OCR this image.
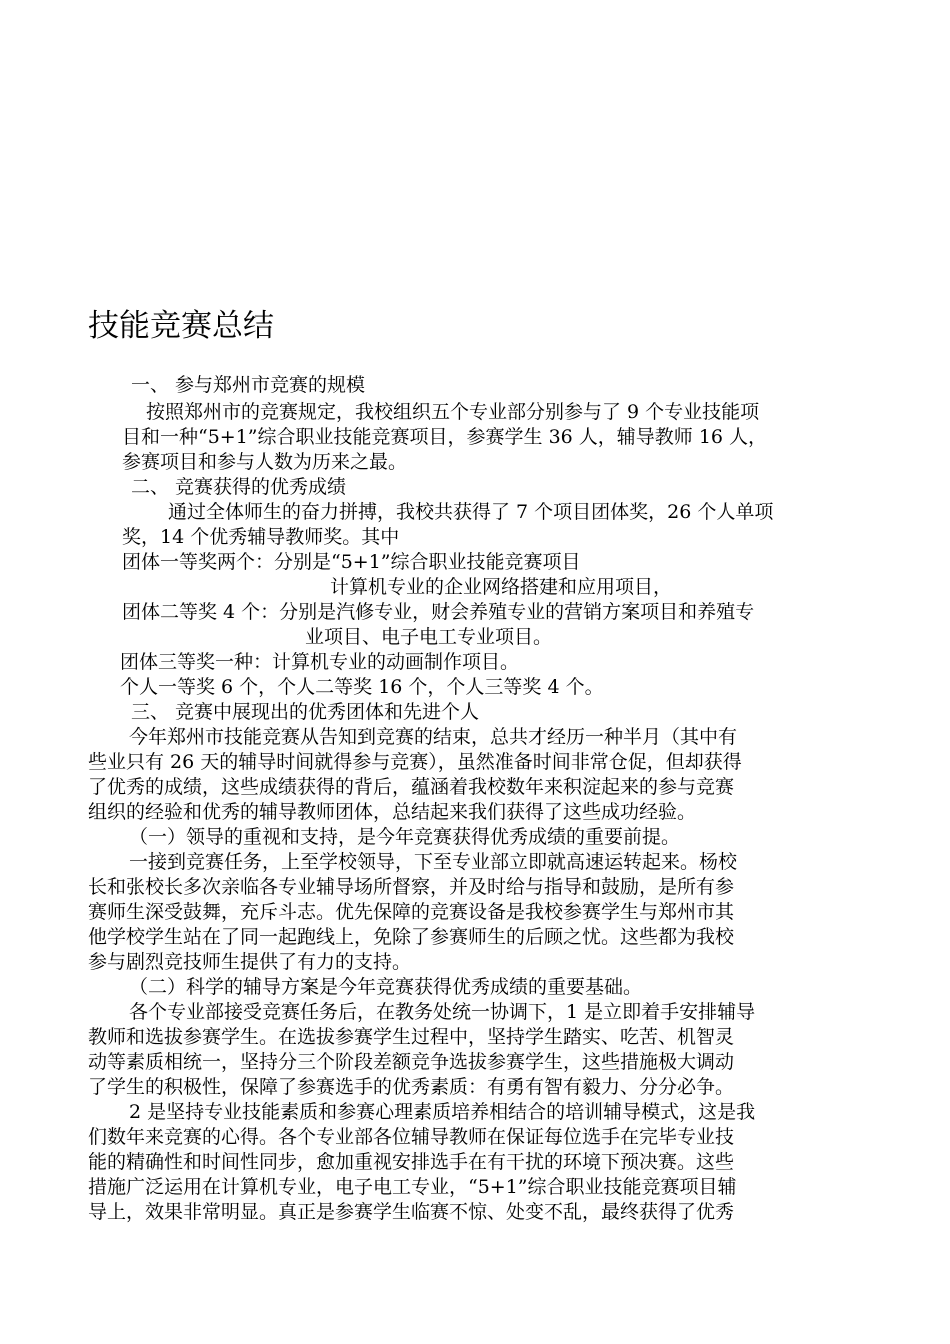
技能竞赛总结
一、 参与郑州市竞赛的规模
按照郑州市的竞赛规定，我校组织五个专业部分别参与了 9 个专业技能项
目和一种“5+1”综合职业技能竞赛项目，参赛学生 36 人，辅导教师 16 人，
参赛项目和参与人数为历来之最。
二、 竞赛获得的优秀成绩
通过全体师生的奋力拼搏，我校共获得了 7 个项目团体奖，26 个人单项
奖，14 个优秀辅导教师奖。其中
团体一等奖两个：分别是“5+1”综合职业技能竞赛项目
计算机专业的企业网络搭建和应用项目，
团体二等奖 4 个：分别是汽修专业，财会养殖专业的营销方案项目和养殖专
业项目、电子电工专业项目。
团体三等奖一种：计算机专业的动画制作项目。
个人一等奖 6 个，个人二等奖 16 个，个人三等奖 4 个。
三、 竞赛中展现出的优秀团体和先进个人
今年郑州市技能竞赛从告知到竞赛的结束，总共才经历一种半月（其中有
些业只有 26 天的辅导时间就得参与竞赛），虽然准备时间非常仓促，但却获得
了优秀的成绩，这些成绩获得的背后，蕴涵着我校数年来积淀起来的参与竞赛
组织的经验和优秀的辅导教师团体，总结起来我们获得了这些成功经验。
（一）领导的重视和支持，是今年竞赛获得优秀成绩的重要前提。
一接到竞赛任务，上至学校领导，下至专业部立即就高速运转起来。杨校
长和张校长多次亲临各专业辅导场所督察，并及时给与指导和鼓励，是所有参
赛师生深受鼓舞，充斥斗志。优先保障的竞赛设备是我校参赛学生与郑州市其
他学校学生站在了同一起跑线上，免除了参赛师生的后顾之忧。这些都为我校
参与剧烈竞技师生提供了有力的支持。
（二）科学的辅导方案是今年竞赛获得优秀成绩的重要基础。
各个专业部接受竞赛任务后，在教务处统一协调下，1 是立即着手安排辅导
教师和选拔参赛学生。在选拔参赛学生过程中，坚持学生踏实、吃苦、机智灵
动等素质相统一，坚持分三个阶段差额竞争选拔参赛学生，这些措施极大调动
了学生的积极性，保障了参赛选手的优秀素质：有勇有智有毅力、分分必争。
2 是坚持专业技能素质和参赛心理素质培养相结合的培训辅导模式，这是我
们数年来竞赛的心得。各个专业部各位辅导教师在保证每位选手在完毕专业技
能的精确性和时间性同步，愈加重视安排选手在有干扰的环境下预决赛。这些
措施广泛运用在计算机专业，电子电工专业，“5+1”综合职业技能竞赛项目辅
导上，效果非常明显。真正是参赛学生临赛不惊、处变不乱，最终获得了优秀
